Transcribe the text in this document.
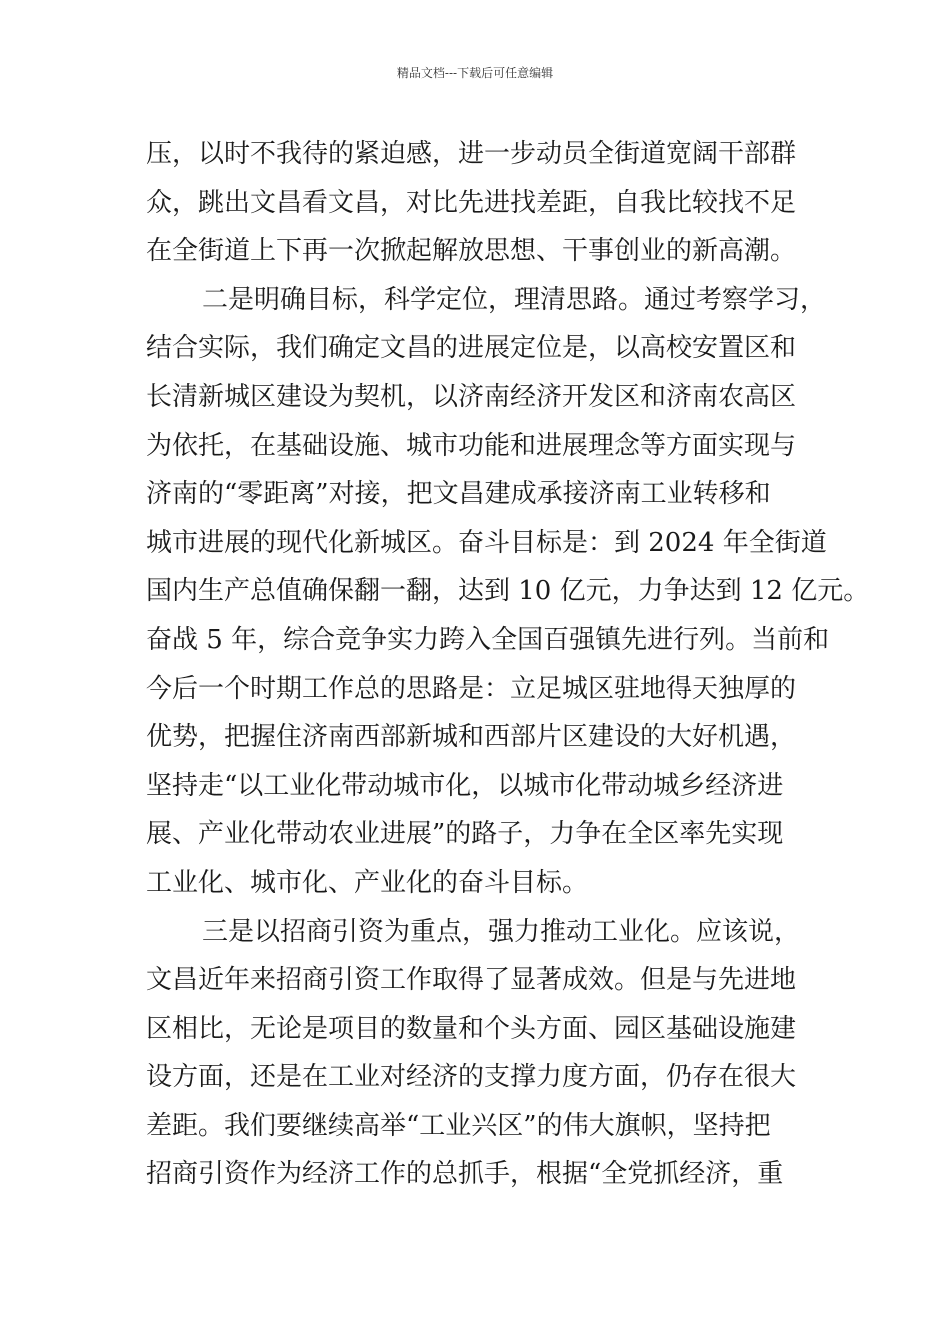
精品文档---下载后可任意编辑
压，以时不我待的紧迫感，进一步动员全街道宽阔干部群
众，跳出文昌看文昌，对比先进找差距，自我比较找不足
在全街道上下再一次掀起解放思想、干事创业的新高潮。
二是明确目标，科学定位，理清思路。通过考察学习，
结合实际，我们确定文昌的进展定位是，以高校安置区和
长清新城区建设为契机，以济南经济开发区和济南农高区
为依托，在基础设施、城市功能和进展理念等方面实现与
济南的“零距离”对接，把文昌建成承接济南工业转移和
城市进展的现代化新城区。奋斗目标是：到 2024 年全街道
国内生产总值确保翻一翻，达到 10 亿元，力争达到 12 亿元。
奋战 5 年，综合竞争实力跨入全国百强镇先进行列。当前和
今后一个时期工作总的思路是：立足城区驻地得天独厚的
优势，把握住济南西部新城和西部片区建设的大好机遇，
坚持走“以工业化带动城市化，以城市化带动城乡经济进
展、产业化带动农业进展”的路子，力争在全区率先实现
工业化、城市化、产业化的奋斗目标。
三是以招商引资为重点，强力推动工业化。应该说，
文昌近年来招商引资工作取得了显著成效。但是与先进地
区相比，无论是项目的数量和个头方面、园区基础设施建
设方面，还是在工业对经济的支撑力度方面，仍存在很大
差距。我们要继续高举“工业兴区”的伟大旗帜，坚持把
招商引资作为经济工作的总抓手，根据“全党抓经济，重
